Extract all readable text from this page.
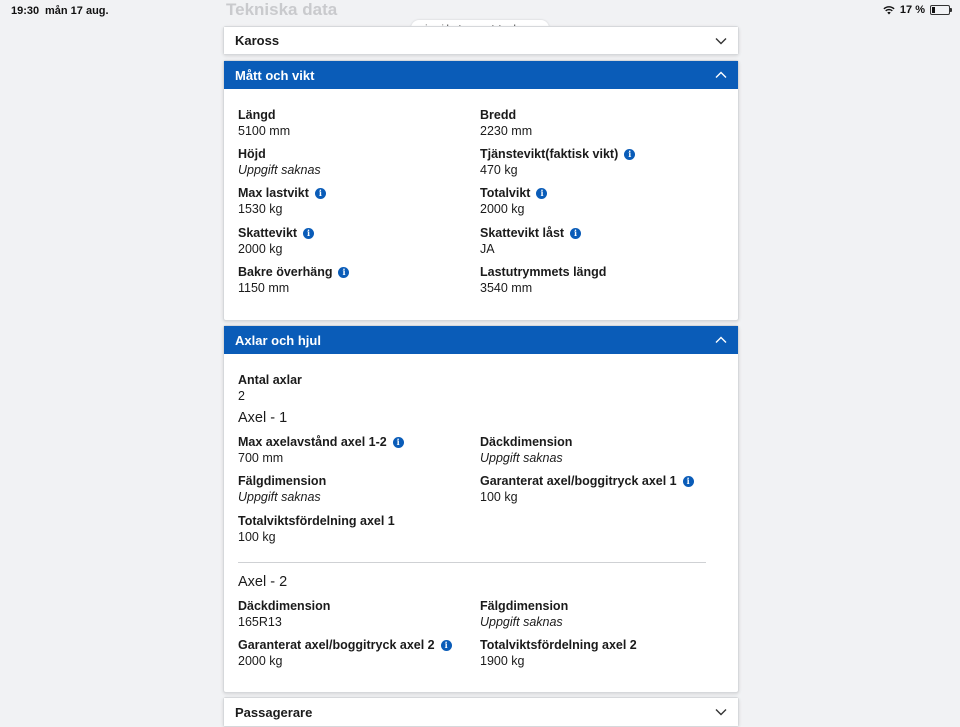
19:30 mån 17 aug.	17 %
Tekniska data
Kaross
Mått och vikt
Längd
5100 mm
Bredd
2230 mm
Höjd
Uppgift saknas
Tjänstevikt(faktisk vikt)	i
470 kg
Max lastvikt	i
1530 kg
Totalvikt	i
2000 kg
Skattevikt	i
2000 kg
Skattevikt låst	i
JA
Bakre överhäng	i
1150 mm
Lastutrymmets längd
3540 mm
Axlar och hjul
Antal axlar
2
Axel - 1
Max axelavstånd axel 1-2	i
700 mm
Däckdimension
Uppgift saknas
Fälgdimension
Uppgift saknas
Garanterat axel/boggitryck axel 1	i
100 kg
Totalviktsfördelning axel 1
100 kg
Axel - 2
Däckdimension
165R13
Fälgdimension
Uppgift saknas
Garanterat axel/boggitryck axel 2	i
2000 kg
Totalviktsfördelning axel 2
1900 kg
Passagerare
